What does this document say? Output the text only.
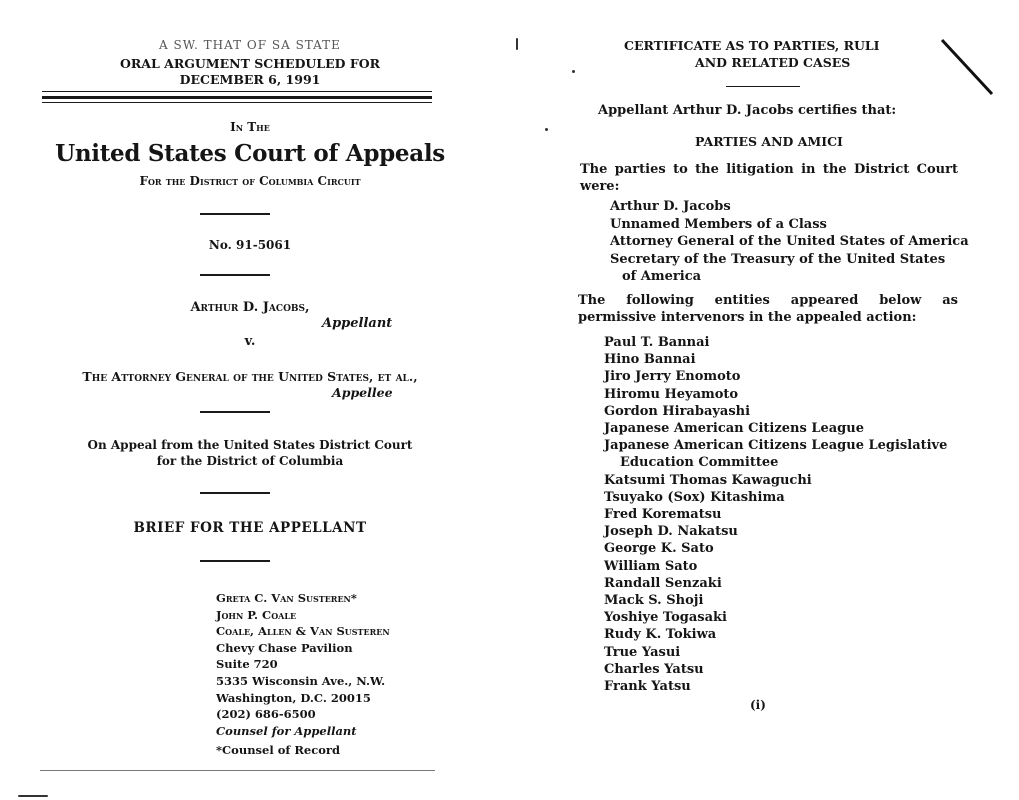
A SW. THAT OF SA STATE
ORAL ARGUMENT SCHEDULED FOR
DECEMBER 6, 1991
In The
United States Court of Appeals
For the District of Columbia Circuit
No. 91-5061
Arthur D. Jacobs,
Appellant
v.
The Attorney General of the United States, et al.,
Appellee
On Appeal from the United States District Court
for the District of Columbia
BRIEF FOR THE APPELLANT
Greta C. Van Susteren*
John P. Coale
Coale, Allen & Van Susteren
Chevy Chase Pavilion
Suite 720
5335 Wisconsin Ave., N.W.
Washington, D.C. 20015
(202) 686-6500
Counsel for Appellant
*Counsel of Record
CERTIFICATE AS TO PARTIES, RULI
AND RELATED CASES
Appellant Arthur D. Jacobs certifies that:
PARTIES AND AMICI
The parties to the litigation in the District Court were:
Arthur D. Jacobs
Unnamed Members of a Class
Attorney General of the United States of America
Secretary of the Treasury of the United States
of America
The following entities appeared below as permissive intervenors in the appealed action:
Paul T. Bannai
Hino Bannai
Jiro Jerry Enomoto
Hiromu Heyamoto
Gordon Hirabayashi
Japanese American Citizens League
Japanese American Citizens League Legislative
Education Committee
Katsumi Thomas Kawaguchi
Tsuyako (Sox) Kitashima
Fred Korematsu
Joseph D. Nakatsu
George K. Sato
William Sato
Randall Senzaki
Mack S. Shoji
Yoshiye Togasaki
Rudy K. Tokiwa
True Yasui
Charles Yatsu
Frank Yatsu
(i)
